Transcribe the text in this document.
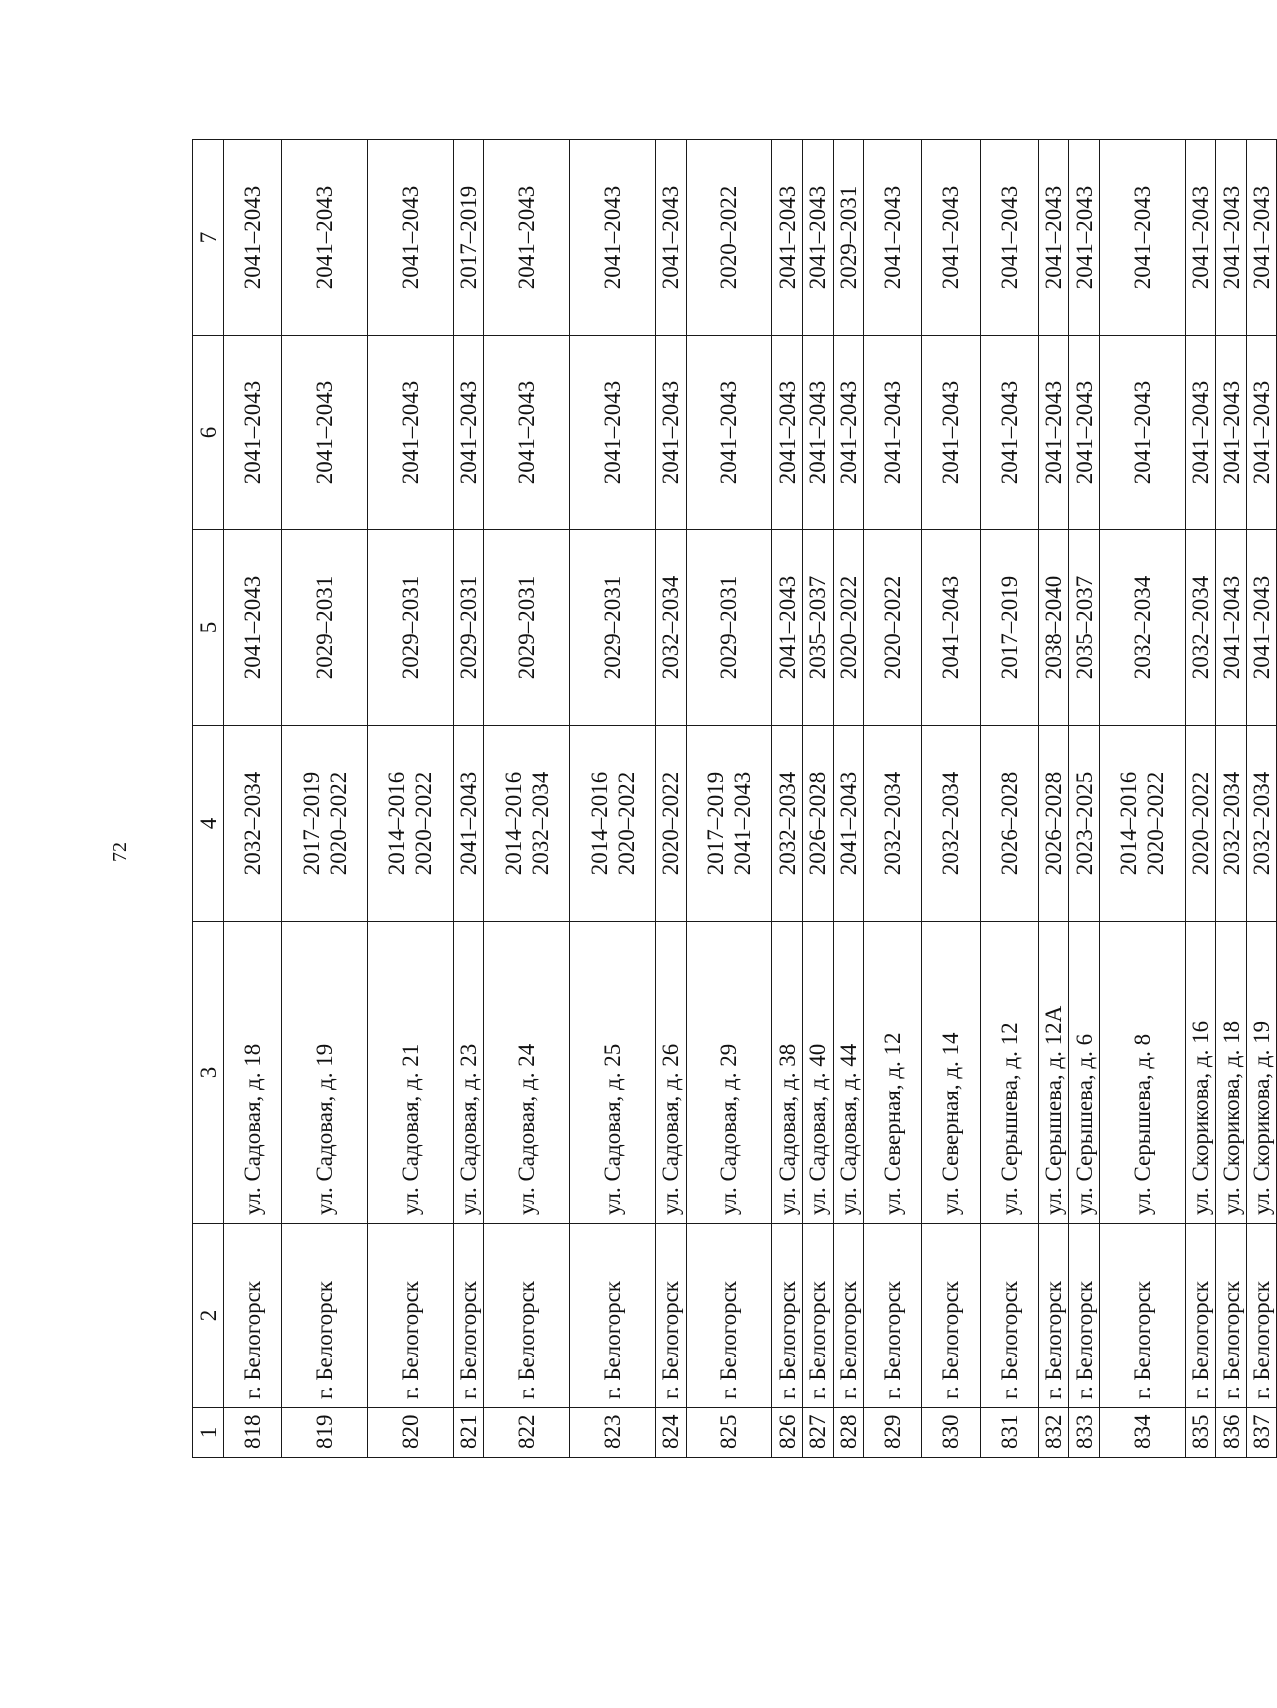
72
1	2	3	4	5	6	7
818	г. Белогорск	ул. Садовая, д. 18	2032–2034	2041–2043	2041–2043	2041–2043
819	г. Белогорск	ул. Садовая, д. 19	2017–2019 2020–2022	2029–2031	2041–2043	2041–2043
820	г. Белогорск	ул. Садовая, д. 21	2014–2016 2020–2022	2029–2031	2041–2043	2041–2043
821	г. Белогорск	ул. Садовая, д. 23	2041–2043	2029–2031	2041–2043	2017–2019
822	г. Белогорск	ул. Садовая, д. 24	2014–2016 2032–2034	2029–2031	2041–2043	2041–2043
823	г. Белогорск	ул. Садовая, д. 25	2014–2016 2020–2022	2029–2031	2041–2043	2041–2043
824	г. Белогорск	ул. Садовая, д. 26	2020–2022	2032–2034	2041–2043	2041–2043
825	г. Белогорск	ул. Садовая, д. 29	2017–2019 2041–2043	2029–2031	2041–2043	2020–2022
826	г. Белогорск	ул. Садовая, д. 38	2032–2034	2041–2043	2041–2043	2041–2043
827	г. Белогорск	ул. Садовая, д. 40	2026–2028	2035–2037	2041–2043	2041–2043
828	г. Белогорск	ул. Садовая, д. 44	2041–2043	2020–2022	2041–2043	2029–2031
829	г. Белогорск	ул. Северная, д. 12	2032–2034	2020–2022	2041–2043	2041–2043
830	г. Белогорск	ул. Северная, д. 14	2032–2034	2041–2043	2041–2043	2041–2043
831	г. Белогорск	ул. Серышева, д. 12	2026–2028	2017–2019	2041–2043	2041–2043
832	г. Белогорск	ул. Серышева, д. 12А	2026–2028	2038–2040	2041–2043	2041–2043
833	г. Белогорск	ул. Серышева, д. 6	2023–2025	2035–2037	2041–2043	2041–2043
834	г. Белогорск	ул. Серышева, д. 8	2014–2016 2020–2022	2032–2034	2041–2043	2041–2043
835	г. Белогорск	ул. Скорикова, д. 16	2020–2022	2032–2034	2041–2043	2041–2043
836	г. Белогорск	ул. Скорикова, д. 18	2032–2034	2041–2043	2041–2043	2041–2043
837	г. Белогорск	ул. Скорикова, д. 19	2032–2034	2041–2043	2041–2043	2041–2043
